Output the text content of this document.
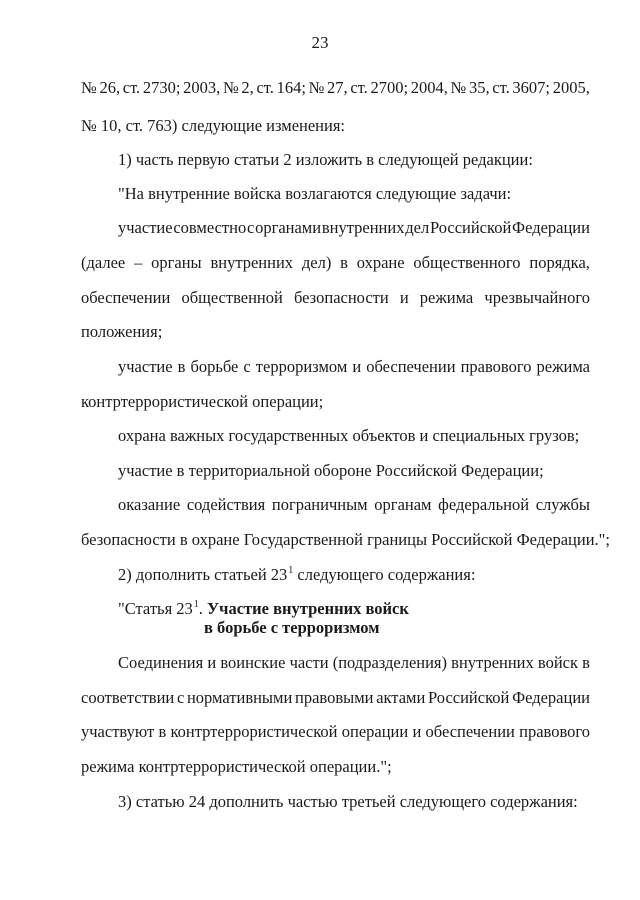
23
№ 26, ст. 2730; 2003, № 2, ст. 164; № 27, ст. 2700; 2004, № 35, ст. 3607; 2005,
№ 10, ст. 763) следующие изменения:
1) часть первую статьи 2 изложить в следующей редакции:
"На внутренние войска возлагаются следующие задачи:
участие совместно с органами внутренних дел Российской Федерации
(далее – органы внутренних дел) в охране общественного порядка,
обеспечении общественной безопасности и режима чрезвычайного
положения;
участие в борьбе с терроризмом и обеспечении правового режима
контртеррористической операции;
охрана важных государственных объектов и специальных грузов;
участие в территориальной обороне Российской Федерации;
оказание содействия пограничным органам федеральной службы
безопасности в охране Государственной границы Российской Федерации.";
2) дополнить статьей $23^1$ следующего содержания:
"Статья $23^1$. Участие внутренних войск
в борьбе с терроризмом
Соединения и воинские части (подразделения) внутренних войск в
соответствии с нормативными правовыми актами Российской Федерации
участвуют в контртеррористической операции и обеспечении правового
режима контртеррористической операции.";
3) статью 24 дополнить частью третьей следующего содержания:
